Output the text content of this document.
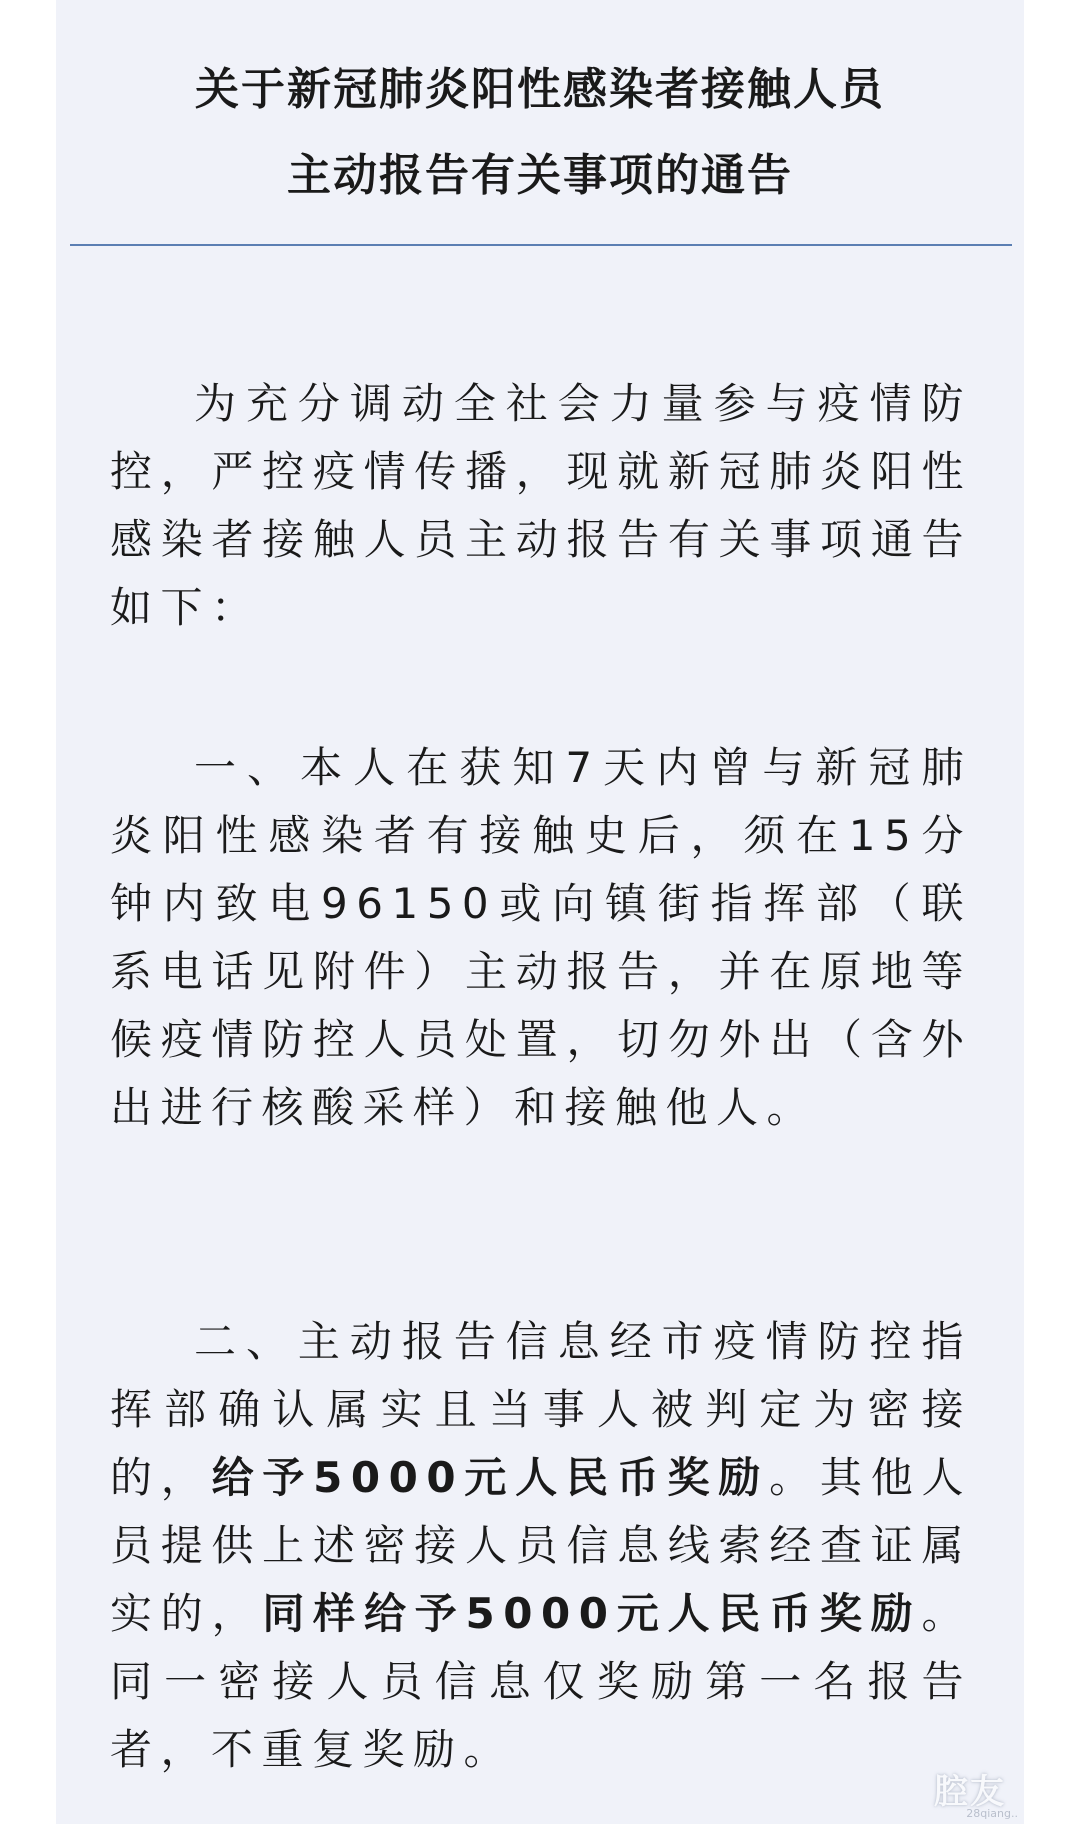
关于新冠肺炎阳性感染者接触人员
主动报告有关事项的通告

为充分调动全社会力量参与疫情防控，严控疫情传播，现就新冠肺炎阳性感染者接触人员主动报告有关事项通告如下：

一、本人在获知7天内曾与新冠肺炎阳性感染者有接触史后，须在15分钟内致电96150或向镇街指挥部（联系电话见附件）主动报告，并在原地等候疫情防控人员处置，切勿外出（含外出进行核酸采样）和接触他人。

二、主动报告信息经市疫情防控指挥部确认属实且当事人被判定为密接的，给予5000元人民币奖励。其他人员提供上述密接人员信息线索经查证属实的，同样给予5000元人民币奖励。同一密接人员信息仅奖励第一名报告者，不重复奖励。

腔友
28qiang..
